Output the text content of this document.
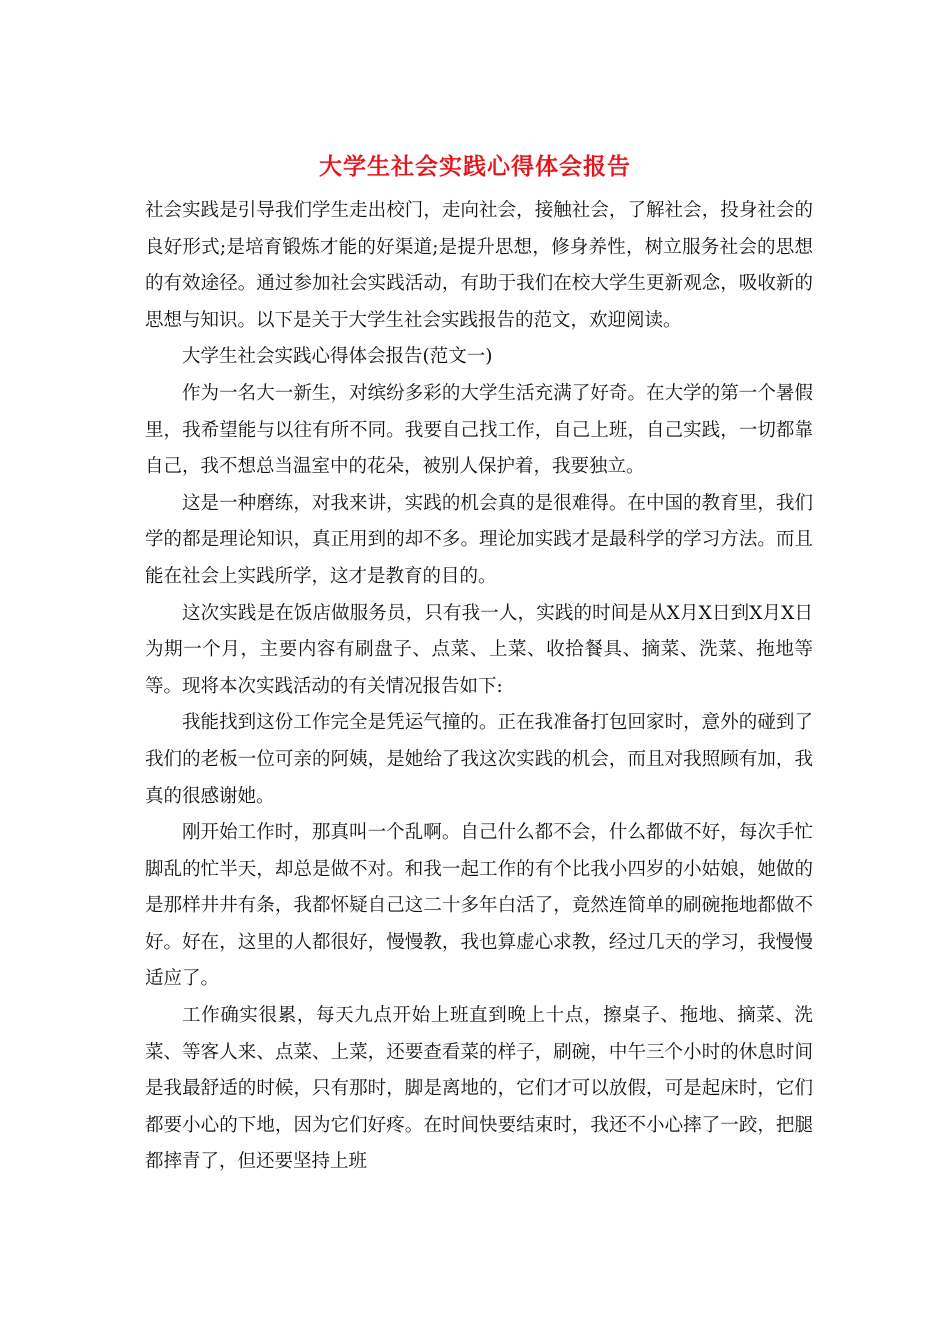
大学生社会实践心得体会报告

社会实践是引导我们学生走出校门，走向社会，接触社会，了解社会，投身社会的良好形式;是培育锻炼才能的好渠道;是提升思想，修身养性，树立服务社会的思想的有效途径。通过参加社会实践活动，有助于我们在校大学生更新观念，吸收新的思想与知识。以下是关于大学生社会实践报告的范文，欢迎阅读。

大学生社会实践心得体会报告(范文一)

作为一名大一新生，对缤纷多彩的大学生活充满了好奇。在大学的第一个暑假里，我希望能与以往有所不同。我要自己找工作，自己上班，自己实践，一切都靠自己，我不想总当温室中的花朵，被别人保护着，我要独立。

这是一种磨练，对我来讲，实践的机会真的是很难得。在中国的教育里，我们学的都是理论知识，真正用到的却不多。理论加实践才是最科学的学习方法。而且能在社会上实践所学，这才是教育的目的。

这次实践是在饭店做服务员，只有我一人，实践的时间是从X月X日到X月X日为期一个月，主要内容有刷盘子、点菜、上菜、收拾餐具、摘菜、洗菜、拖地等等。现将本次实践活动的有关情况报告如下:

我能找到这份工作完全是凭运气撞的。正在我准备打包回家时，意外的碰到了我们的老板一位可亲的阿姨，是她给了我这次实践的机会，而且对我照顾有加，我真的很感谢她。

刚开始工作时，那真叫一个乱啊。自己什么都不会，什么都做不好，每次手忙脚乱的忙半天，却总是做不对。和我一起工作的有个比我小四岁的小姑娘，她做的是那样井井有条，我都怀疑自己这二十多年白活了，竟然连简单的刷碗拖地都做不好。好在，这里的人都很好，慢慢教，我也算虚心求教，经过几天的学习，我慢慢适应了。

工作确实很累，每天九点开始上班直到晚上十点，擦桌子、拖地、摘菜、洗菜、等客人来、点菜、上菜，还要查看菜的样子，刷碗，中午三个小时的休息时间是我最舒适的时候，只有那时，脚是离地的，它们才可以放假，可是起床时，它们都要小心的下地，因为它们好疼。在时间快要结束时，我还不小心摔了一跤，把腿都摔青了，但还要坚持上班
